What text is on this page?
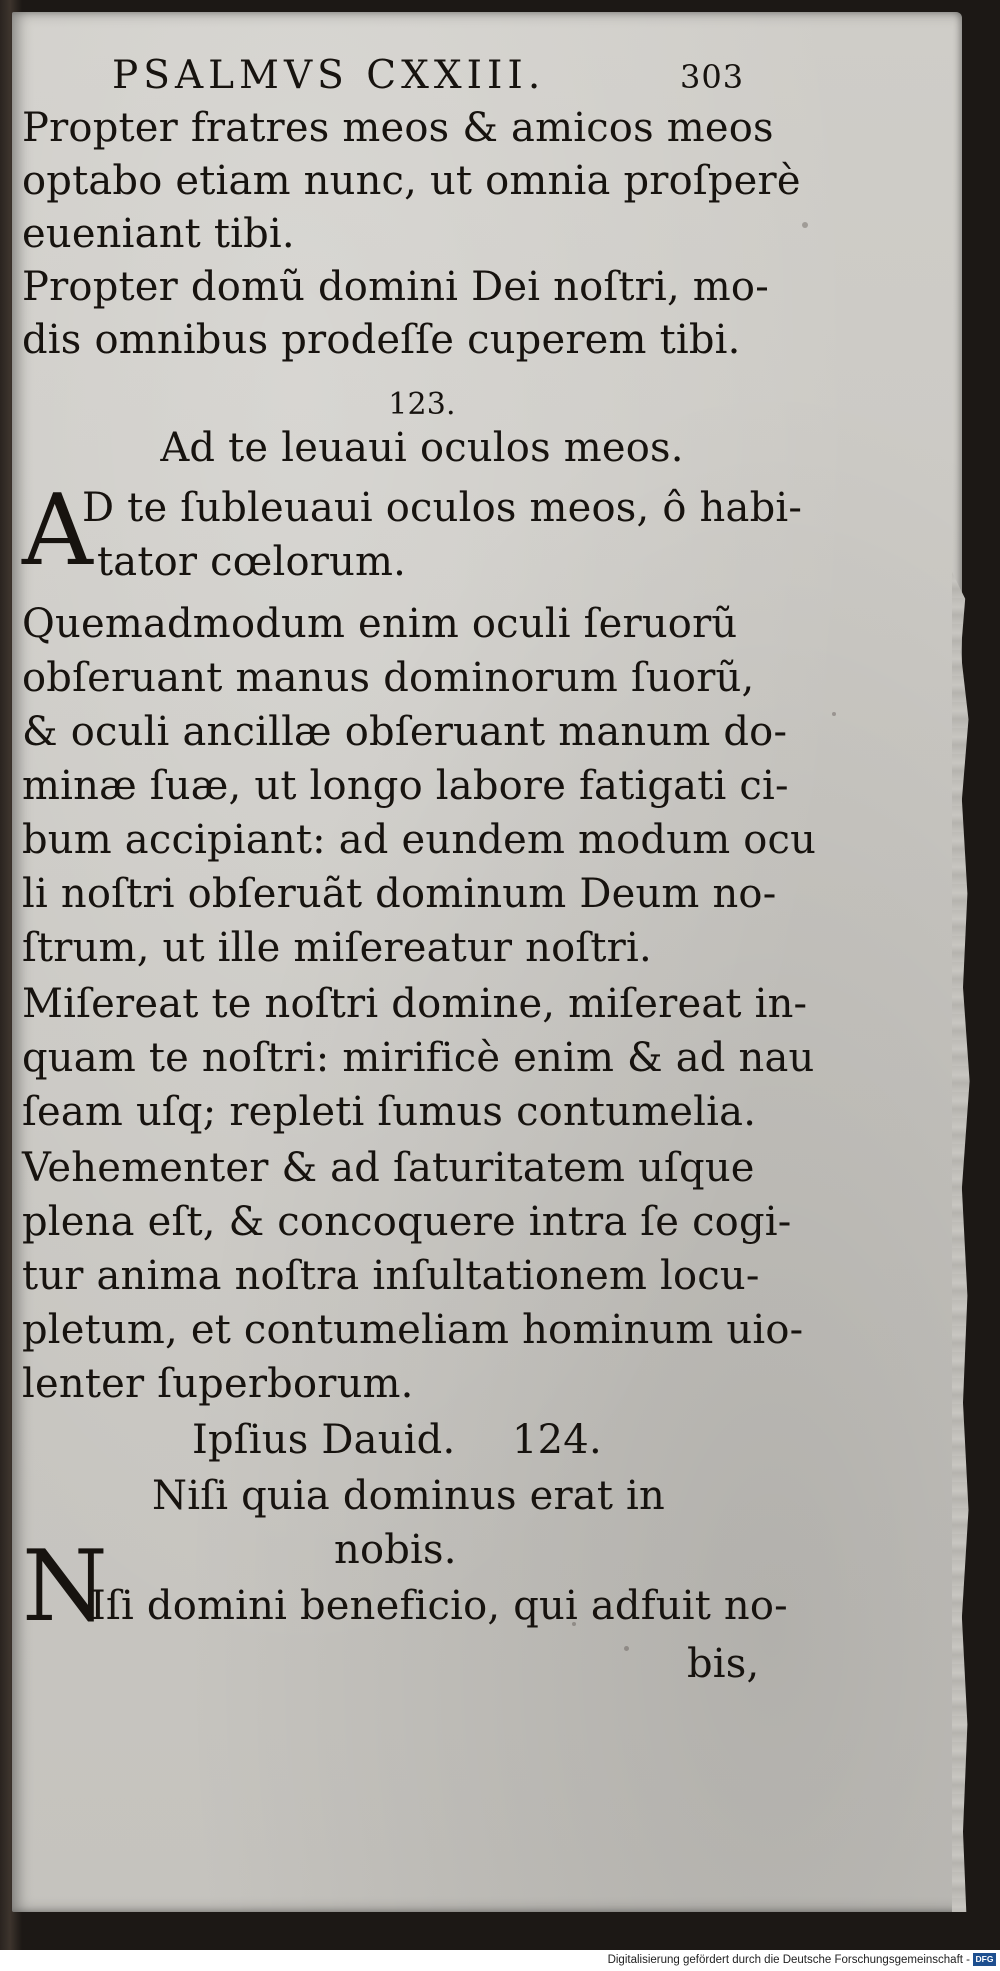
PSALMVS CXXIII.	303
Propter fratres meos & amicos meos
optabo etiam nunc, ut omnia proſperè
eueniant tibi.
Propter domũ domini Dei noſtri, mo-
dis omnibus prodeſſe cuperem tibi.
123.
Ad te leuaui oculos meos.
A
D te ſubleuaui oculos meos, ô habi-
tator cœlorum.
Quemadmodum enim oculi ſeruorũ
obſeruant manus dominorum ſuorũ,
& oculi ancillæ obſeruant manum do-
minæ ſuæ, ut longo labore fatigati ci-
bum accipiant: ad eundem modum ocu
li noſtri obſeruãt dominum Deum no-
ſtrum, ut ille miſereatur noſtri.
Miſereat te noſtri domine, miſereat in-
quam te noſtri: mirificè enim & ad nau
ſeam uſq; repleti ſumus contumelia.
Vehementer & ad ſaturitatem uſque
plena eſt, & concoquere intra ſe cogi-
tur anima noſtra inſultationem locu-
pletum, et contumeliam hominum uio-
lenter ſuperborum.
Ipſius Dauid.	124.
Niſi quia dominus erat in
nobis.
N
Iſi domini beneficio, qui adfuit no-
bis,
Digitalisierung gefördert durch die Deutsche Forschungsgemeinschaft - DFG
